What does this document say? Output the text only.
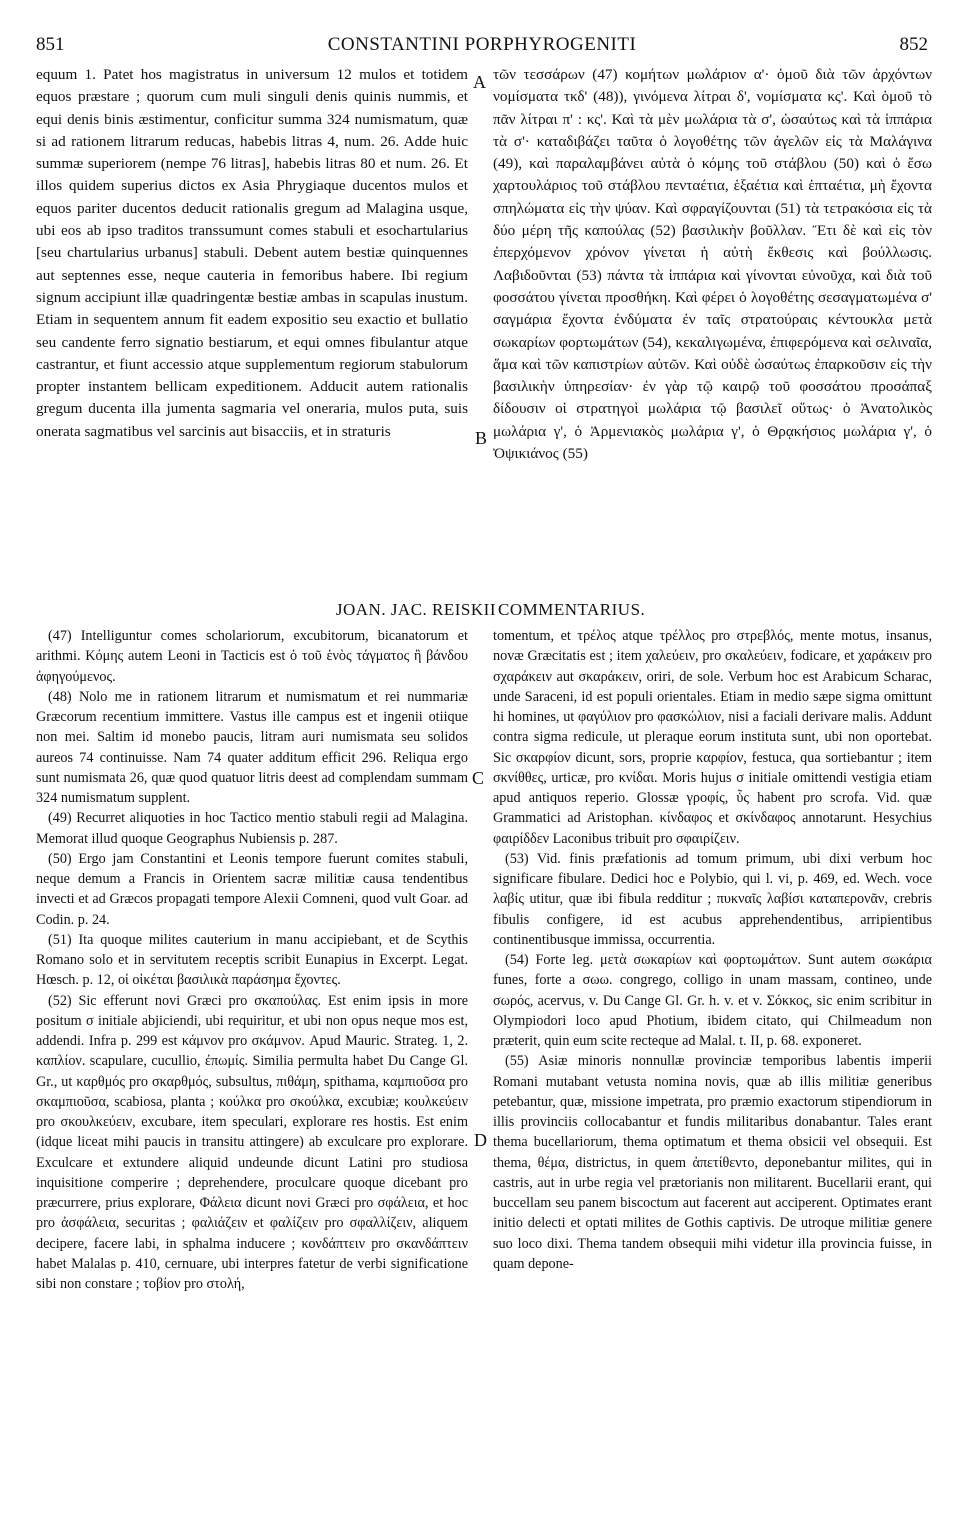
851	CONSTANTINI PORPHYROGENITI	852

equum 1. Patet hos magistratus in universum 12 mulos et totidem equos præstare ; quorum cum muli singuli denis quinis nummis, et equi denis binis æstimentur, conficitur summa 324 numismatum, quæ si ad rationem litrarum reducas, habebis litras 4, num. 26. Adde huic summæ superiorem (nempe 76 litras], habebis litras 80 et num. 26. Et illos quidem superius dictos ex Asia Phrygiaque ducentos mulos et equos pariter ducentos deducit rationalis gregum ad Malagina usque, ubi eos ab ipso traditos transsumunt comes stabuli et esochartularius [seu chartularius urbanus] stabuli. Debent autem bestiæ quinquennes aut septennes esse, neque cauteria in femoribus habere. Ibi regium signum accipiunt illæ quadringentæ bestiæ ambas in scapulas inustum. Etiam in sequentem annum fit eadem expositio seu exactio et bullatio seu candente ferro signatio bestiarum, et equi omnes fibulantur atque castrantur, et fiunt accessio atque supplementum regiorum stabulorum propter instantem bellicam expeditionem. Adducit autem rationalis gregum ducenta illa jumenta sagmaria vel oneraria, mulos puta, suis onerata sagmatibus vel sarcinis aut bisacciis, et in straturis

τῶν τεσσάρων (47) κομήτων μωλάριον α'· ὁμοῦ διὰ τῶν ἀρχόντων νομίσματα τκδ' (48)), γινόμενα λίτραι δ', νομίσματα κς'. Καὶ ὁμοῦ τὸ πᾶν λίτραι π' : κς'. Καὶ τὰ μὲν μωλάρια τὰ σ', ὡσαύτως καὶ τὰ ἱππάρια τὰ σ'· καταδιβάζει ταῦτα ὁ λογοθέτης τῶν ἀγελῶν εἰς τὰ Μαλάγινα (49), καὶ παραλαμβάνει αὐτὰ ὁ κόμης τοῦ στάβλου (50) καὶ ὁ ἔσω χαρτουλάριος τοῦ στάβλου πενταέτια, ἑξαέτια καὶ ἑπταέτια, μὴ ἔχοντα σπηλώματα εἰς τὴν ψύαν. Καὶ σφραγίζουνται (51) τὰ τετρακόσια εἰς τὰ δύο μέρη τῆς καπούλας (52) βασιλικὴν βοῦλλαν. Ἔτι δὲ καὶ εἰς τὸν ἐπερχόμενον χρόνον γίνεται ἡ αὐτὴ ἔκθεσις καὶ βούλλωσις. Λαβιδοῦνται (53) πάντα τὰ ἱππάρια καὶ γίνονται εὐνοῦχα, καὶ διὰ τοῦ φοσσάτου γίνεται προσθήκη. Καὶ φέρει ὁ λογοθέτης σεσαγματωμένα σ' σαγμάρια ἔχοντα ἐνδύματα ἐν ταῖς στρατούραις κέντουκλα μετὰ σωκαρίων φορτωμάτων (54), κεκαλιγωμένα, ἐπιφερόμενα καὶ σελιναῖα, ἅμα καὶ τῶν καπιστρίων αὐτῶν. Καὶ οὐδὲ ὡσαύτως ἐπαρκοῦσιν εἰς τὴν βασιλικὴν ὑπηρεσίαν· ἐν γὰρ τῷ καιρῷ τοῦ φοσσάτου προσάπαξ δίδουσιν οἱ στρατηγοὶ μωλάρια τῷ βασιλεῖ οὕτως· ὁ Ἀνατολικὸς μωλάρια γ', ὁ Ἀρμενιακὸς μωλάρια γ', ὁ Θρᾳκήσιος μωλάρια γ', ὁ Ὀψικιάνος (55)

A
B
C
D
JOAN. JAC. REISKII COMMENTARIUS.

(47) Intelliguntur comes scholariorum, excubitorum, bicanatorum et arithmi. Κόμης autem Leoni in Tacticis est ὁ τοῦ ἑνὸς τάγματος ἢ βάνδου ἀφηγούμενος.

(48) Nolo me in rationem litrarum et numismatum et rei nummariæ Græcorum recentium immittere. Vastus ille campus est et ingenii otiique non mei. Saltim id monebo paucis, litram auri numismata seu solidos aureos 74 continuisse. Nam 74 quater additum efficit 296. Reliqua ergo sunt numismata 26, quæ quod quatuor litris deest ad complendam summam 324 numismatum supplent.

(49) Recurret aliquoties in hoc Tactico mentio stabuli regii ad Malagina. Memorat illud quoque Geographus Nubiensis p. 287.

(50) Ergo jam Constantini et Leonis tempore fuerunt comites stabuli, neque demum a Francis in Orientem sacræ militiæ causa tendentibus invecti et ad Græcos propagati tempore Alexii Comneni, quod vult Goar. ad Codin. p. 24.

(51) Ita quoque milites cauterium in manu accipiebant, et de Scythis Romano solo et in servitutem receptis scribit Eunapius in Excerpt. Legat. Hœsch. p. 12, οἱ οἰκέται βασιλικὰ παράσημα ἔχοντες.

(52) Sic efferunt novi Græci pro σκαπούλας. Est enim ipsis in more positum σ initiale abjiciendi, ubi requiritur, et ubi non opus neque mos est, addendi. Infra p. 299 est κάμνον pro σκάμνον. Apud Mauric. Strateg. 1, 2. καπλίον. scapulare, cucullio, ἐπωμίς. Similia permulta habet Du Cange Gl. Gr., ut καρθμός pro σκαρθμός, subsultus, πιθάμη, spithama, καμπιοῦσα pro σκαμπιοῦσα, scabiosa, planta ; κούλκα pro σκούλκα, excubiæ; κουλκεύειν pro σκουλκεύειν, excubare, item speculari, explorare res hostis. Est enim (idque liceat mihi paucis in transitu attingere) ab exculcare pro explorare. Exculcare et extundere aliquid undeunde dicunt Latini pro studiosa inquisitione comperire ; deprehendere, proculcare quoque dicebant pro præcurrere, prius explorare, Φάλεια dicunt novi Græci pro σφάλεια, et hoc pro ἀσφάλεια, securitas ; φαλιάζειν et φαλίζειν pro σφαλλίζειν, aliquem decipere, facere labi, in sphalma inducere ; κονδάπτειν pro σκανδάπτειν habet Malalas p. 410, cernuare, ubi interpres fatetur de verbi significatione sibi non constare ; τοβίον pro στολή,

tomentum, et τρέλος atque τρέλλος pro στρεβλός, mente motus, insanus, novæ Græcitatis est ; item χαλεύειν, pro σκαλεύειν, fodicare, et χαράκειν pro σχαράκειν aut σκαράκειν, oriri, de sole. Verbum hoc est Arabicum Scharac, unde Saraceni, id est populi orientales. Etiam in medio sæpe sigma omittunt hi homines, ut φαγύλιον pro φασκώλιον, nisi a faciali derivare malis. Addunt contra sigma redicule, ut pleraque eorum instituta sunt, ubi non oportebat. Sic σκαρφίον dicunt, sors, proprie καρφίον, festuca, qua sortiebantur ; item σκνίθθες, urticæ, pro κνίδαι. Moris hujus σ initiale omittendi vestigia etiam apud antiquos reperio. Glossæ γροφίς, ὗς habent pro scrofa. Vid. quæ Grammatici ad Aristophan. κίνδαφος et σκίνδαφος annotarunt. Hesychius φαιρίδδεν Laconibus tribuit pro σφαιρίζειν.

(53) Vid. finis præfationis ad tomum primum, ubi dixi verbum hoc significare fibulare. Dedici hoc e Polybio, qui l. vi, p. 469, ed. Wech. voce λαβίς utitur, quæ ibi fibula redditur ; πυκναῖς λαβίσι καταπερονᾶν, crebris fibulis configere, id est acubus apprehendentibus, arripientibus continentibusque immissa, occurrentia.

(54) Forte leg. μετὰ σωκαρίων καὶ φορτωμάτων. Sunt autem σωκάρια funes, forte a σωω. congrego, colligo in unam massam, contineo, unde σωρός, acervus, v. Du Cange Gl. Gr. h. v. et v. Σόκκος, sic enim scribitur in Olympiodori loco apud Photium, ibidem citato, qui Chilmeadum non præterit, quin eum scite recteque ad Malal. t. II, p. 68. exponeret.

(55) Asiæ minoris nonnullæ provinciæ temporibus labentis imperii Romani mutabant vetusta nomina novis, quæ ab illis militiæ generibus petebantur, quæ, missione impetrata, pro præmio exactorum stipendiorum in illis provinciis collocabantur et fundis militaribus donabantur. Tales erant thema bucellariorum, thema optimatum et thema obsicii vel obsequii. Est thema, θέμα, districtus, in quem ἀπετίθεντο, deponebantur milites, qui in castris, aut in urbe regia vel prætorianis non militarent. Bucellarii erant, qui buccellam seu panem biscoctum aut facerent aut acciperent. Optimates erant initio delecti et optati milites de Gothis captivis. De utroque militiæ genere suo loco dixi. Thema tandem obsequii mihi videtur illa provincia fuisse, in quam depone-
